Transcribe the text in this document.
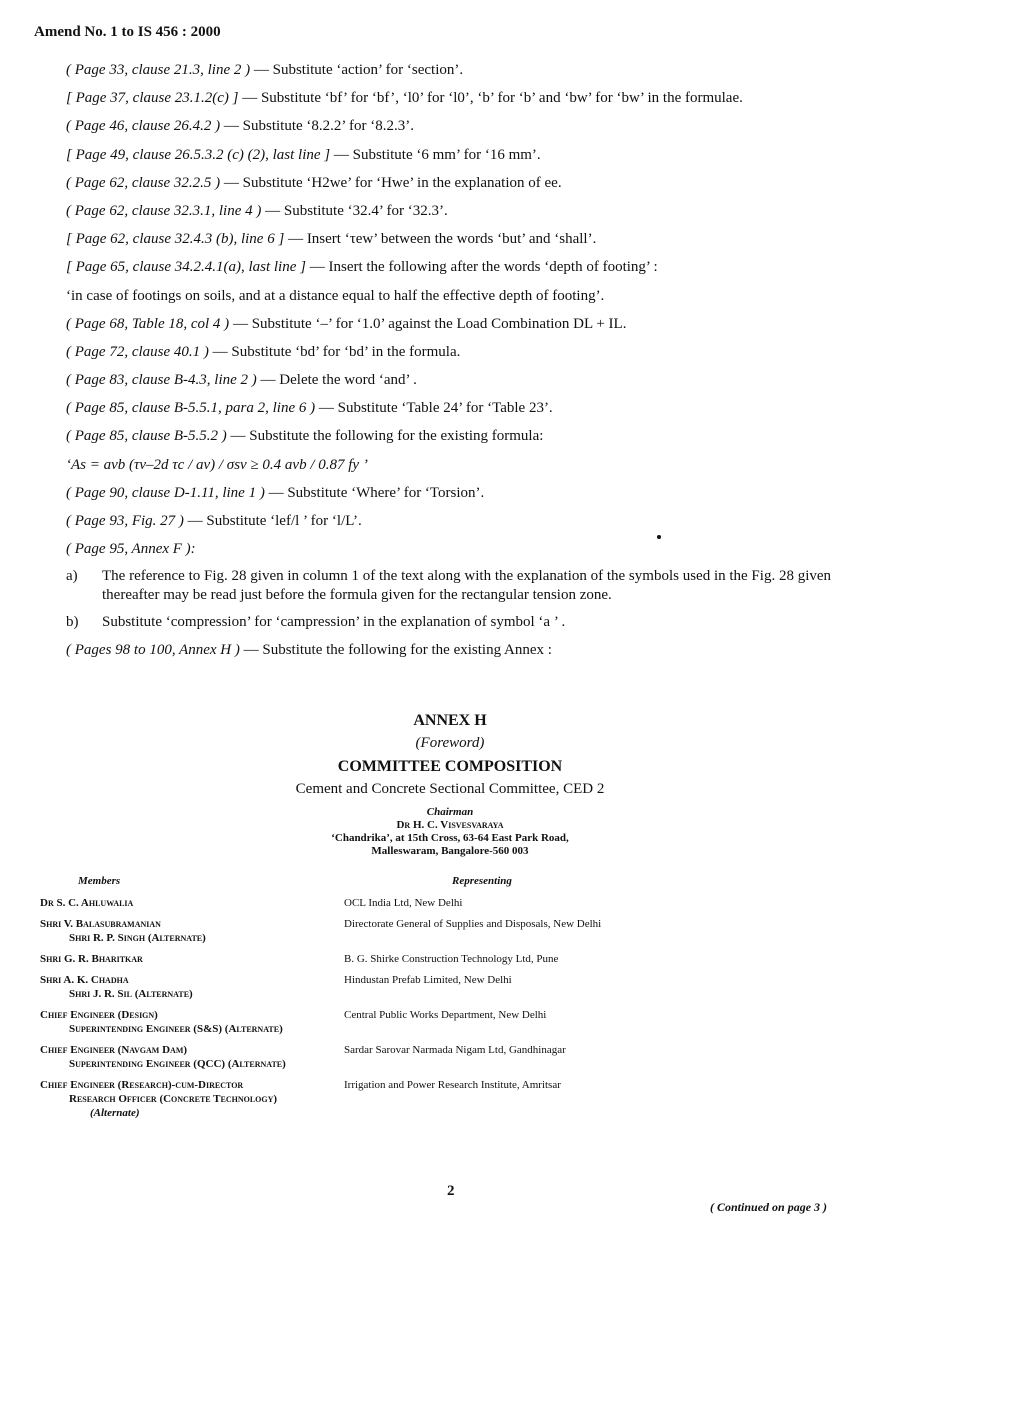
Amend No. 1 to IS 456 : 2000
( Page 33, clause 21.3, line 2 ) — Substitute ‘action’ for ‘section’.
[ Page 37, clause 23.1.2(c) ] — Substitute ‘bf’ for ‘bf’, ‘l0’ for ‘l0’, ‘b’ for ‘b’ and ‘bw’ for ‘bw’ in the formulae.
( Page 46, clause 26.4.2 ) — Substitute ‘8.2.2’ for ‘8.2.3’.
[ Page 49, clause 26.5.3.2 (c) (2), last line ] — Substitute ‘6 mm’ for ‘16 mm’.
( Page 62, clause 32.2.5 ) — Substitute ‘H2we’ for ‘Hwe’ in the explanation of ee.
( Page 62, clause 32.3.1, line 4 ) — Substitute ‘32.4’ for ‘32.3’.
[ Page 62, clause 32.4.3 (b), line 6 ] — Insert ‘τew’ between the words ‘but’ and ‘shall’.
[ Page 65, clause 34.2.4.1(a), last line ] — Insert the following after the words ‘depth of footing’ :
‘in case of footings on soils, and at a distance equal to half the effective depth of footing’.
( Page 68, Table 18, col 4 ) — Substitute ‘–’ for ‘1.0’ against the Load Combination DL + IL.
( Page 72, clause 40.1 ) — Substitute ‘bd’ for ‘bd’ in the formula.
( Page 83, clause B-4.3, line 2 ) — Delete the word ‘and’ .
( Page 85, clause B-5.5.1, para 2, line 6 ) — Substitute ‘Table 24’ for ‘Table 23’.
( Page 85, clause B-5.5.2 ) — Substitute the following for the existing formula:
‘As = avb (τv–2d τc / av) / σsv ≥ 0.4 avb / 0.87 fy ’
( Page 90, clause D-1.11, line 1 ) — Substitute ‘Where’ for ‘Torsion’.
( Page 93, Fig. 27 ) — Substitute ‘lef/l ’ for ‘l/L’.
( Page 95, Annex F ):
a)	The reference to Fig. 28 given in column 1 of the text along with the explanation of the symbols used in the Fig. 28 given thereafter may be read just before the formula given for the rectangular tension zone.
b)	Substitute ‘compression’ for ‘campression’ in the explanation of symbol ‘a ’ .
( Pages 98 to 100, Annex H ) — Substitute the following for the existing Annex :
ANNEX H
(Foreword)
COMMITTEE COMPOSITION
Cement and Concrete Sectional Committee, CED 2
Chairman
Dr H. C. Visvesvaraya
‘Chandrika’, at 15th Cross, 63-64 East Park Road,
Malleswaram, Bangalore-560 003
Members	Representing
Dr S. C. Ahluwalia	OCL India Ltd, New Delhi
Shri V. Balasubramanian
Shri R. P. Singh (Alternate)
Directorate General of Supplies and Disposals, New Delhi
Shri G. R. Bharitkar	B. G. Shirke Construction Technology Ltd, Pune
Shri A. K. Chadha
Shri J. R. Sil (Alternate)
Hindustan Prefab Limited, New Delhi
Chief Engineer (Design)
Superintending Engineer (S&S) (Alternate)
Central Public Works Department, New Delhi
Chief Engineer (Navgam Dam)
Superintending Engineer (QCC) (Alternate)
Sardar Sarovar Narmada Nigam Ltd, Gandhinagar
Chief Engineer (Research)-cum-Director
Research Officer (Concrete Technology)
(Alternate)
Irrigation and Power Research Institute, Amritsar
2
( Continued on page 3 )
